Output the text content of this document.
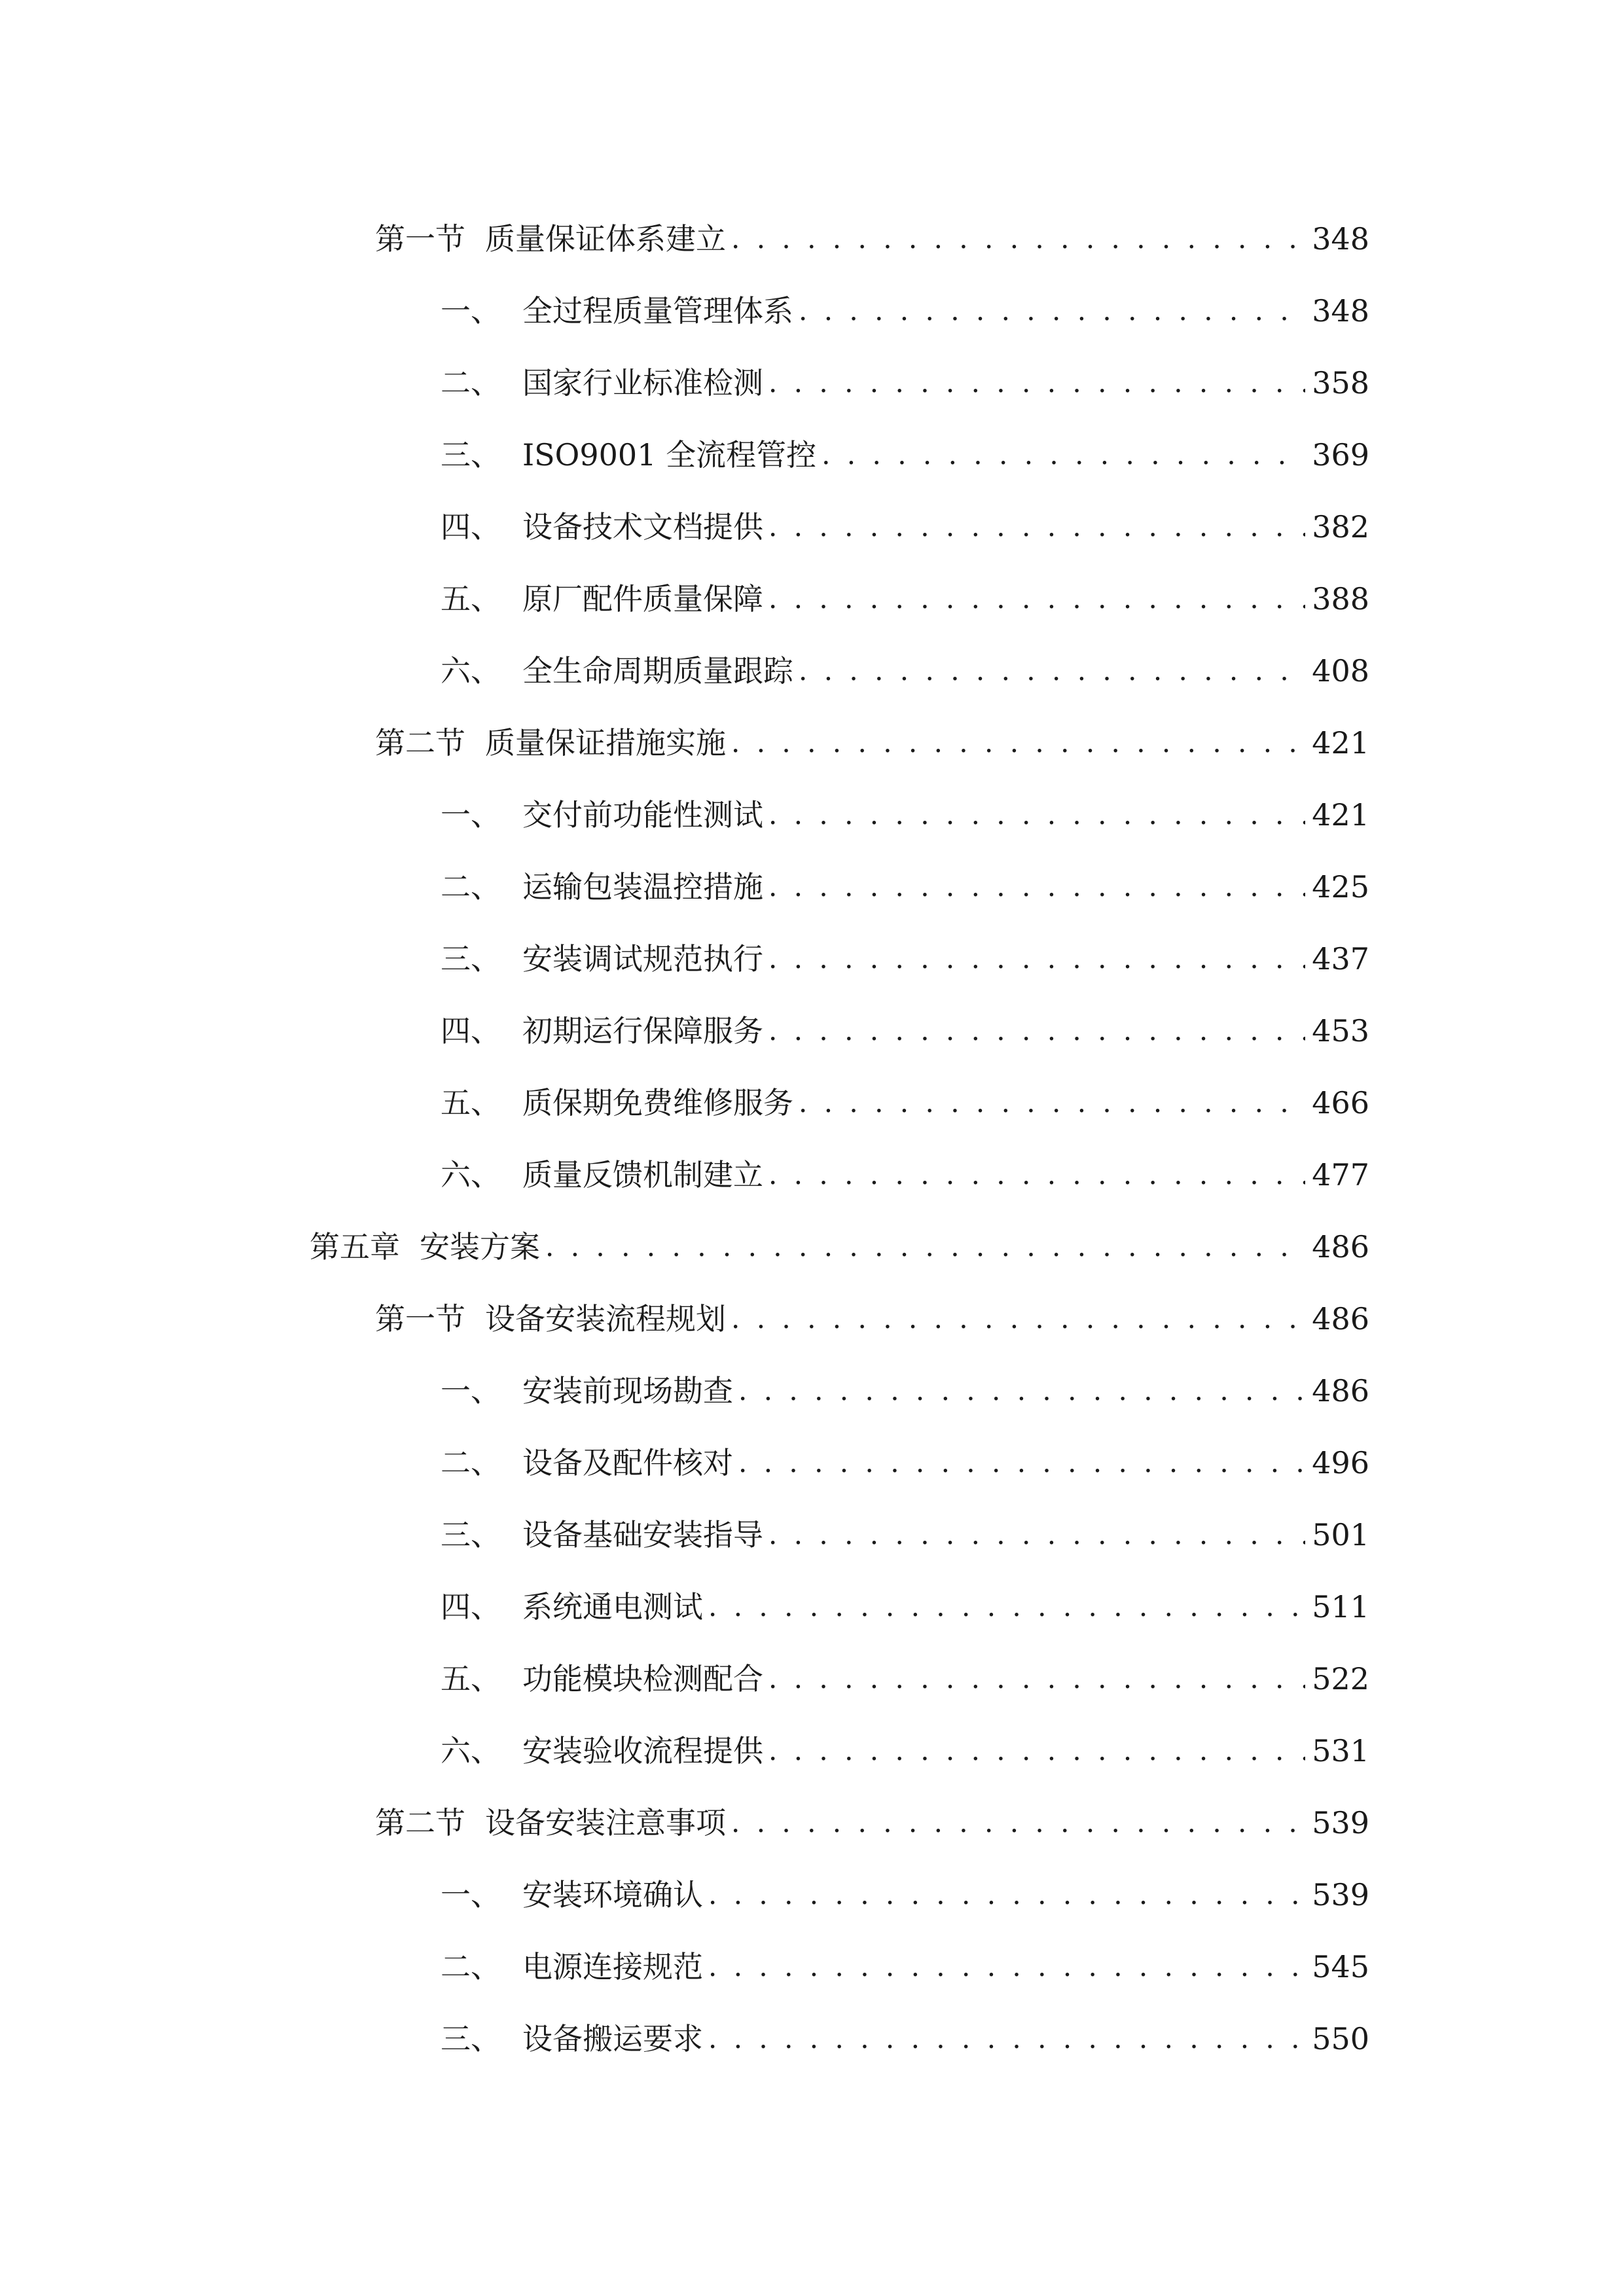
第一节 质量保证体系建立 . . .	348
一、 全过程质量管理体系 . . .	348
二、 国家行业标准检测 . . .	358
三、 ISO9001 全流程管控 . . .	369
四、 设备技术文档提供 . . .	382
五、 原厂配件质量保障 . . .	388
六、 全生命周期质量跟踪 . . .	408
第二节 质量保证措施实施 . . .	421
一、 交付前功能性测试 . . .	421
二、 运输包装温控措施 . . .	425
三、 安装调试规范执行 . . .	437
四、 初期运行保障服务 . . .	453
五、 质保期免费维修服务 . . .	466
六、 质量反馈机制建立 . . .	477
第五章 安装方案 . . .	486
第一节 设备安装流程规划 . . .	486
一、 安装前现场勘查 . . .	486
二、 设备及配件核对 . . .	496
三、 设备基础安装指导 . . .	501
四、 系统通电测试 . . .	511
五、 功能模块检测配合 . . .	522
六、 安装验收流程提供 . . .	531
第二节 设备安装注意事项 . . .	539
一、 安装环境确认 . . .	539
二、 电源连接规范 . . .	545
三、 设备搬运要求 . . .	550
